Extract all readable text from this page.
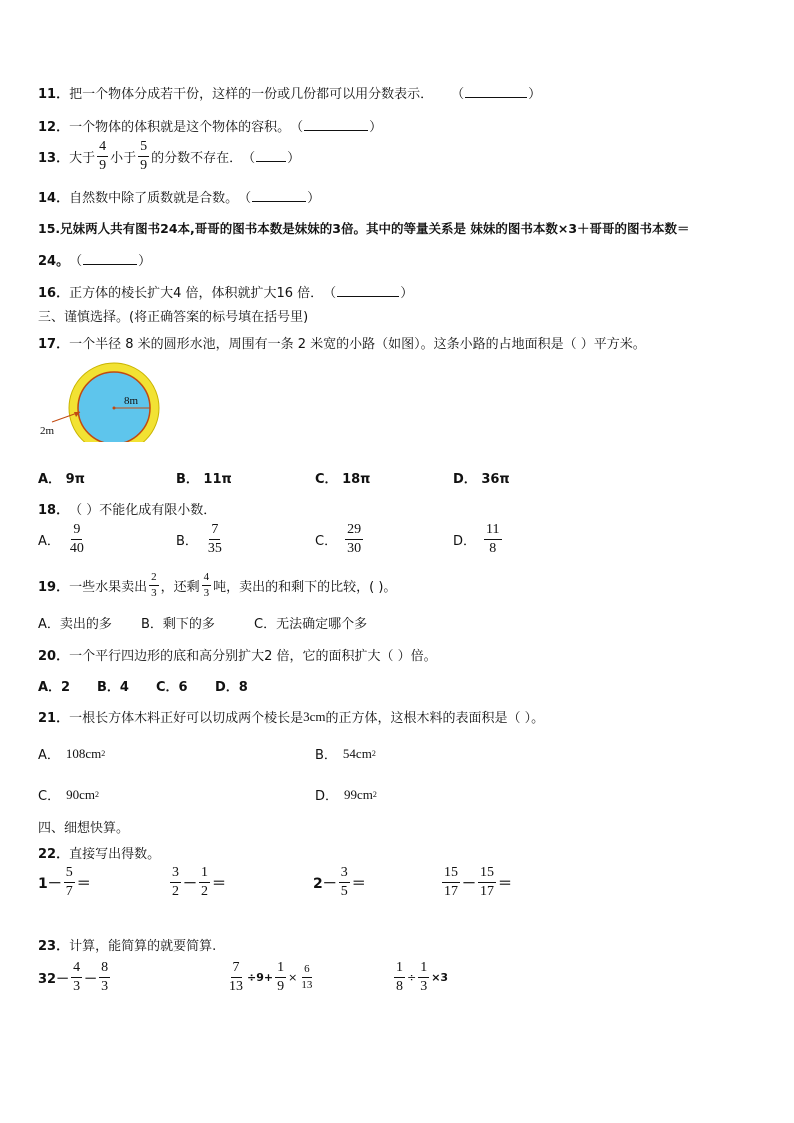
11． 把一个物体分成若干份，这样的一份或几份都可以用分数表示． （	）
12． 一个物体的体积就是这个物体的容积。 （	）
13． 大于 $\frac{4}{9}$ 小于 $\frac{5}{9}$ 的分数不存在． （ ）
14． 自然数中除了质数就是合数。 （	）
15. 兄妹两人共有图书24本,哥哥的图书本数是妹妹的3倍。其中的等量关系是 妹妹的图书本数×3＋哥哥的图书本数＝
24。 （	）
16． 正方体的棱长扩大4 倍，体积就扩大16 倍． （	）
三、谨慎选择。(将正确答案的标号填在括号里)
17． 一个半径 8 米的圆形水池，周围有一条 2 米宽的小路（如图）。这条小路的占地面积是（ ）平方米。
8m
2m
A． 9π	B． 11π	C． 18π	D． 36π
18． （ ）不能化成有限小数．
A． $\frac{9}{40}$	B． $\frac{7}{35}$	C． $\frac{29}{30}$	D． $\frac{11}{8}$
19． 一些水果卖出 $\frac{2}{3}$ ，还剩 $\frac{4}{3}$ 吨，卖出的和剩下的比较，( )。
A．卖出的多 B．剩下的多	C．无法确定哪个多
20． 一个平行四边形的底和高分别扩大2 倍，它的面积扩大（ ）倍。
A．2 B．4 C．6 D．8
21． 一根长方体木料正好可以切成两个棱长是 3cm 的正方体，这根木料的表面积是（ ）。
A． 108cm 2	B． 54cm 2
C． 90cm 2	D． 99cm 2
四、细想快算。
22． 直接写出得数。
$1- \frac{5}{7}$ ＝	$\frac{3}{2} - \frac{1}{2}$ ＝	$2- \frac{3}{5}$ ＝	$\frac{15}{17} - \frac{15}{17}$ ＝
23． 计算，能简算的就要简算.
$32- \frac{4}{3} - \frac{8}{3}$	$\frac{7}{13} \div 9+ \frac{1}{9} \times \frac{6}{13}$	$\frac{1}{8} \div \frac{1}{3} \times 3$
